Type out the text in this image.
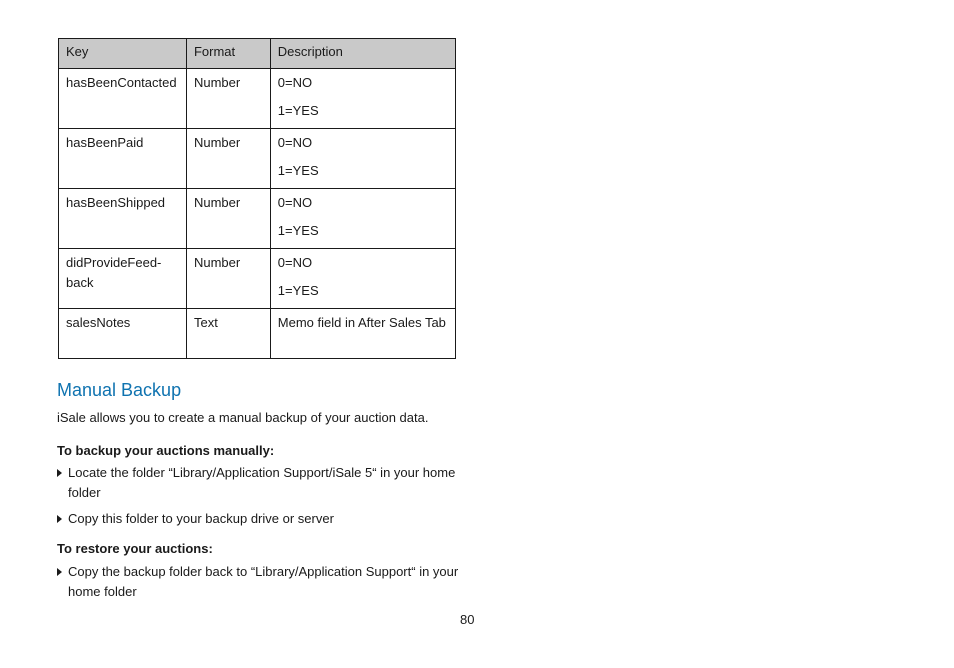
Key	Format	Description
hasBeenContacted	Number	0=NO
1=YES

hasBeenPaid	Number	0=NO
1=YES

hasBeenShipped	Number	0=NO
1=YES

didProvideFeed-back	Number	0=NO
1=YES

salesNotes	Text	Memo field in After Sales Tab
Manual Backup

iSale allows you to create a manual backup of your auction data.

To backup your auctions manually:

Locate the folder “Library/Application Support/iSale 5“ in your home folder
Copy this folder to your backup drive or server

To restore your auctions:

Copy the backup folder back to “Library/Application Support“ in your home folder
80
